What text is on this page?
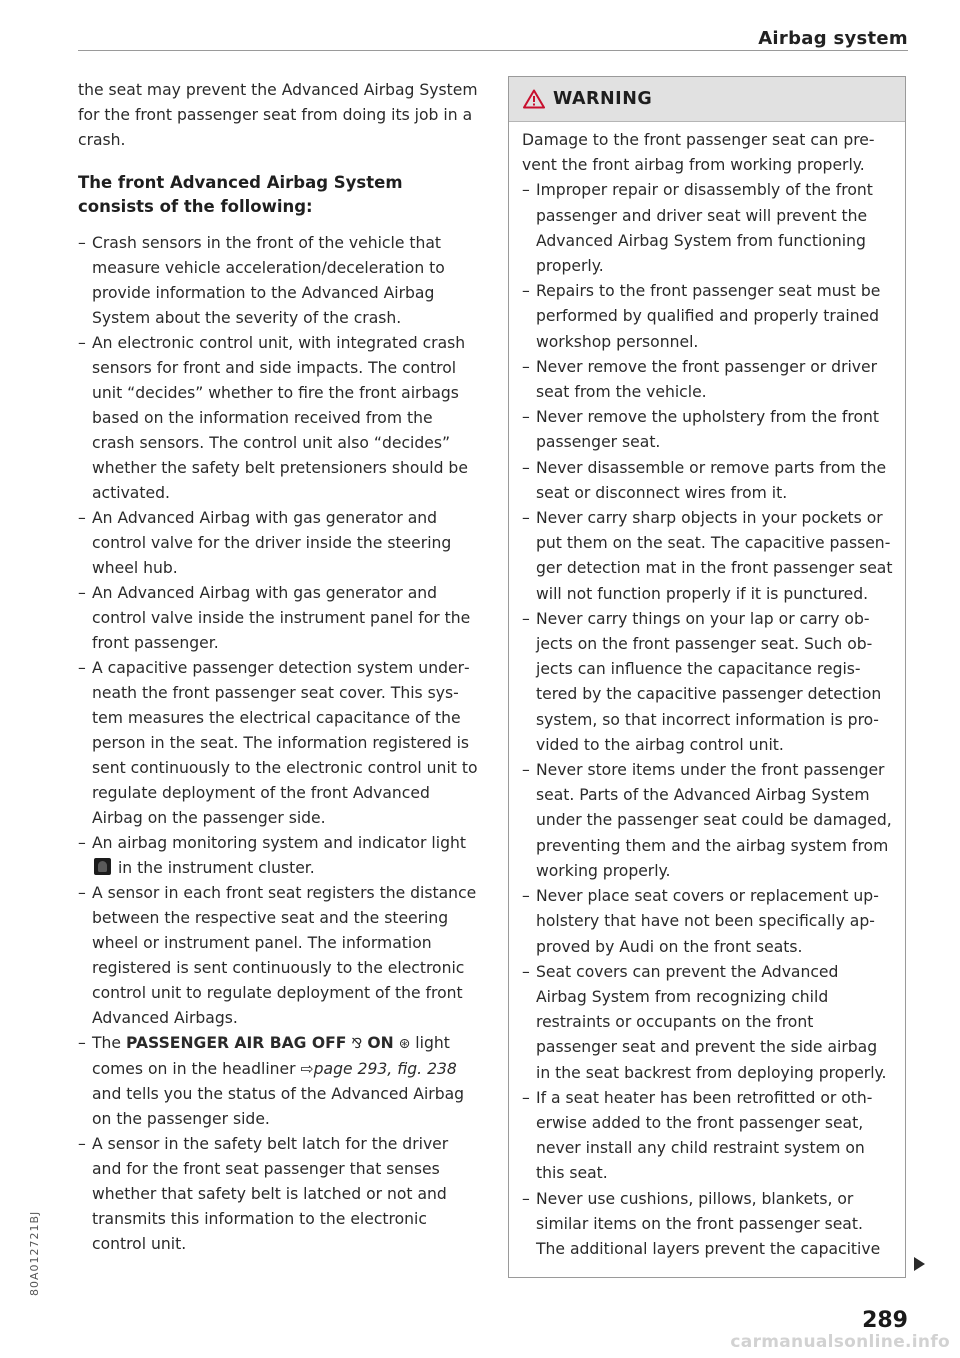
Airbag system

the seat may prevent the Advanced Airbag System for the front passenger seat from doing its job in a crash.

The front Advanced Airbag System consists of the following:
– Crash sensors in the front of the vehicle that measure vehicle acceleration/deceleration to provide information to the Advanced Airbag System about the severity of the crash.
– An electronic control unit, with integrated crash sensors for front and side impacts. The control unit “decides” whether to fire the front airbags based on the information received from the crash sensors. The control unit also “decides” whether the safety belt pretensioners should be activated.
– An Advanced Airbag with gas generator and control valve for the driver inside the steering wheel hub.
– An Advanced Airbag with gas generator and control valve inside the instrument panel for the front passenger.
– A capacitive passenger detection system underneath the front passenger seat cover. This system measures the electrical capacitance of the person in the seat. The information registered is sent continuously to the electronic control unit to regulate deployment of the front Advanced Airbag on the passenger side.
– An airbag monitoring system and indicator light  in the instrument cluster.
– A sensor in each front seat registers the distance between the respective seat and the steering wheel or instrument panel. The information registered is sent continuously to the electronic control unit to regulate deployment of the front Advanced Airbags.
– The PASSENGER AIR BAG OFF ⅋ ON ⊛ light comes on in the headliner ⇨page 293, fig. 238 and tells you the status of the Advanced Airbag on the passenger side.
– A sensor in the safety belt latch for the driver and for the front seat passenger that senses whether that safety belt is latched or not and transmits this information to the electronic control unit.
WARNING

Damage to the front passenger seat can prevent the front airbag from working properly.

– Improper repair or disassembly of the front passenger and driver seat will prevent the Advanced Airbag System from functioning properly.
– Repairs to the front passenger seat must be performed by qualified and properly trained workshop personnel.
– Never remove the front passenger or driver seat from the vehicle.
– Never remove the upholstery from the front passenger seat.
– Never disassemble or remove parts from the seat or disconnect wires from it.
– Never carry sharp objects in your pockets or put them on the seat. The capacitive passenger detection mat in the front passenger seat will not function properly if it is punctured.
– Never carry things on your lap or carry objects on the front passenger seat. Such objects can influence the capacitance registered by the capacitive passenger detection system, so that incorrect information is provided to the airbag control unit.
– Never store items under the front passenger seat. Parts of the Advanced Airbag System under the passenger seat could be damaged, preventing them and the airbag system from working properly.
– Never place seat covers or replacement upholstery that have not been specifically approved by Audi on the front seats.
– Seat covers can prevent the Advanced Airbag System from recognizing child restraints or occupants on the front passenger seat and prevent the side airbag in the seat backrest from deploying properly.
– If a seat heater has been retrofitted or otherwise added to the front passenger seat, never install any child restraint system on this seat.
– Never use cushions, pillows, blankets, or similar items on the front passenger seat. The additional layers prevent the capacitive
289
80A012721BJ
carmanualsonline.info
